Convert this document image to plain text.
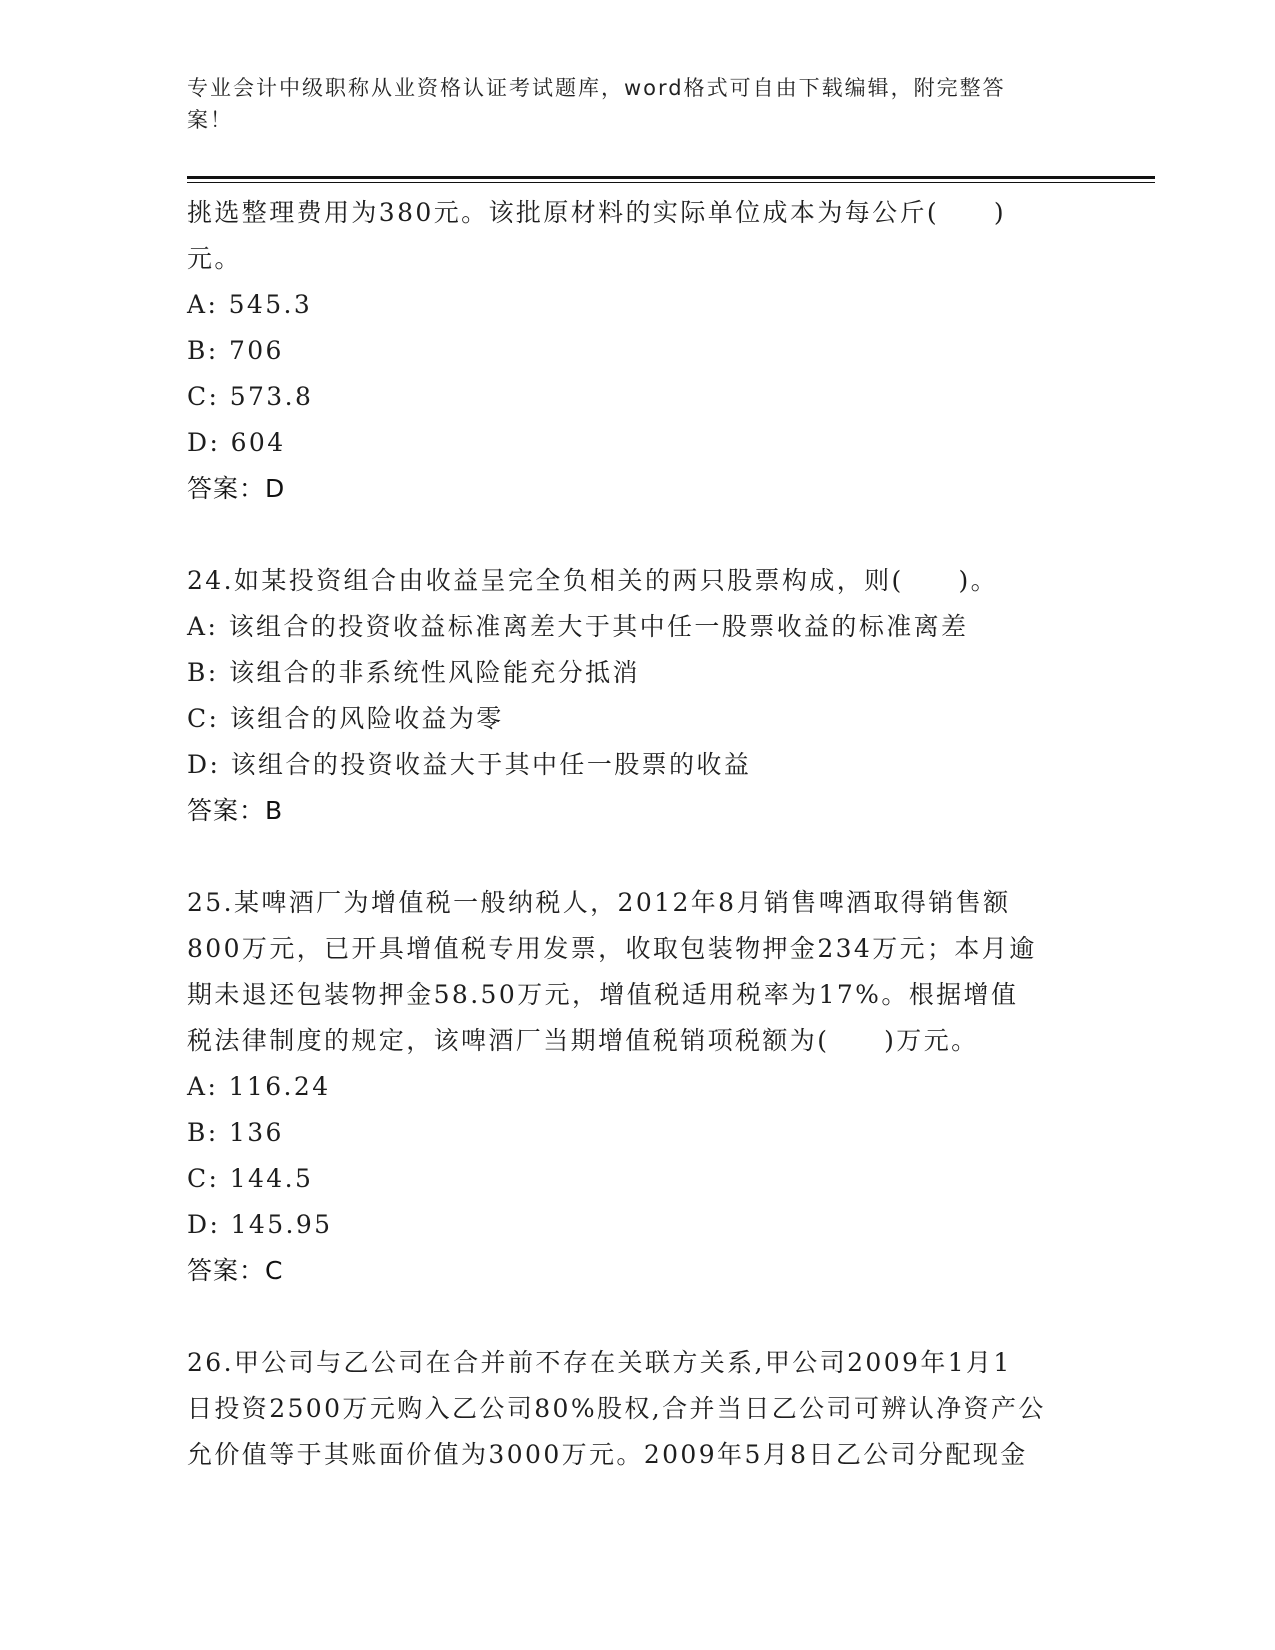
专业会计中级职称从业资格认证考试题库，word格式可自由下载编辑，附完整答
案！
挑选整理费用为380元。该批原材料的实际单位成本为每公斤(　　)
元。
A: 545.3
B: 706
C: 573.8
D: 604
答案：D
24.如某投资组合由收益呈完全负相关的两只股票构成，则(　　)。
A: 该组合的投资收益标准离差大于其中任一股票收益的标准离差
B: 该组合的非系统性风险能充分抵消
C: 该组合的风险收益为零
D: 该组合的投资收益大于其中任一股票的收益
答案：B
25.某啤酒厂为增值税一般纳税人，2012年8月销售啤酒取得销售额
800万元，已开具增值税专用发票，收取包装物押金234万元；本月逾
期未退还包装物押金58.50万元，增值税适用税率为17%。根据增值
税法律制度的规定，该啤酒厂当期增值税销项税额为(　　)万元。
A: 116.24
B: 136
C: 144.5
D: 145.95
答案：C
26.甲公司与乙公司在合并前不存在关联方关系,甲公司2009年1月1
日投资2500万元购入乙公司80%股权,合并当日乙公司可辨认净资产公
允价值等于其账面价值为3000万元。2009年5月8日乙公司分配现金
